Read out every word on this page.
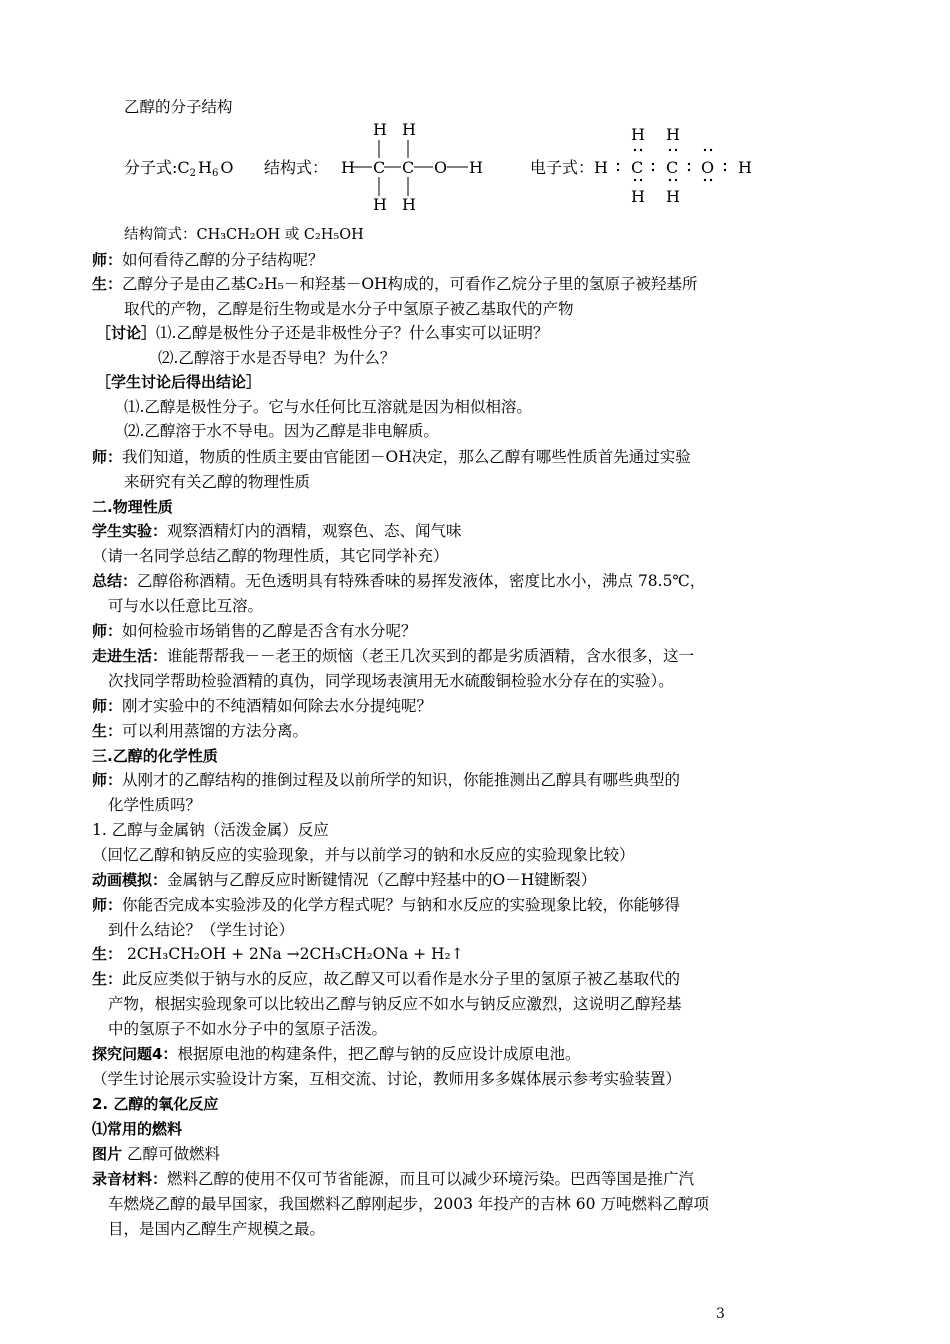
乙醇的分子结构
分子式:C2 H6 O 结构式：
H H
H C C O H
H H
电子式： H
H H
C C O H
H H
结构简式：CH₃CH₂OH 或 C₂H₅OH
师：如何看待乙醇的分子结构呢？
生：乙醇分子是由乙基C₂H₅－和羟基－OH构成的，可看作乙烷分子里的氢原子被羟基所
取代的产物，乙醇是衍生物或是水分子中氢原子被乙基取代的产物
［讨论］⑴.乙醇是极性分子还是非极性分子？什么事实可以证明？
⑵.乙醇溶于水是否导电？为什么？
［学生讨论后得出结论］
⑴.乙醇是极性分子。它与水任何比互溶就是因为相似相溶。
⑵.乙醇溶于水不导电。因为乙醇是非电解质。
师：我们知道，物质的性质主要由官能团－OH决定，那么乙醇有哪些性质首先通过实验
来研究有关乙醇的物理性质
二.物理性质
学生实验：观察酒精灯内的酒精，观察色、态、闻气味
（请一名同学总结乙醇的物理性质，其它同学补充）
总结：乙醇俗称酒精。无色透明具有特殊香味的易挥发液体，密度比水小，沸点 78.5℃，
可与水以任意比互溶。
师：如何检验市场销售的乙醇是否含有水分呢？
走进生活：谁能帮帮我－－老王的烦恼（老王几次买到的都是劣质酒精，含水很多，这一
次找同学帮助检验酒精的真伪，同学现场表演用无水硫酸铜检验水分存在的实验）。
师：刚才实验中的不纯酒精如何除去水分提纯呢？
生：可以利用蒸馏的方法分离。
三.乙醇的化学性质
师：从刚才的乙醇结构的推倒过程及以前所学的知识，你能推测出乙醇具有哪些典型的
化学性质吗？
1. 乙醇与金属钠（活泼金属）反应
（回忆乙醇和钠反应的实验现象，并与以前学习的钠和水反应的实验现象比较）
动画模拟：金属钠与乙醇反应时断键情况（乙醇中羟基中的O－H键断裂）
师：你能否完成本实验涉及的化学方程式呢？与钠和水反应的实验现象比较，你能够得
到什么结论？（学生讨论）
生： 2CH₃CH₂OH + 2Na →2CH₃CH₂ONa + H₂↑
生：此反应类似于钠与水的反应，故乙醇又可以看作是水分子里的氢原子被乙基取代的
产物，根据实验现象可以比较出乙醇与钠反应不如水与钠反应激烈，这说明乙醇羟基
中的氢原子不如水分子中的氢原子活泼。
探究问题4：根据原电池的构建条件，把乙醇与钠的反应设计成原电池。
（学生讨论展示实验设计方案，互相交流、讨论，教师用多多媒体展示参考实验装置）
2. 乙醇的氧化反应
⑴常用的燃料
图片 乙醇可做燃料
录音材料：燃料乙醇的使用不仅可节省能源，而且可以减少环境污染。巴西等国是推广汽
车燃烧乙醇的最早国家，我国燃料乙醇刚起步，2003 年投产的吉林 60 万吨燃料乙醇项
目，是国内乙醇生产规模之最。
3
